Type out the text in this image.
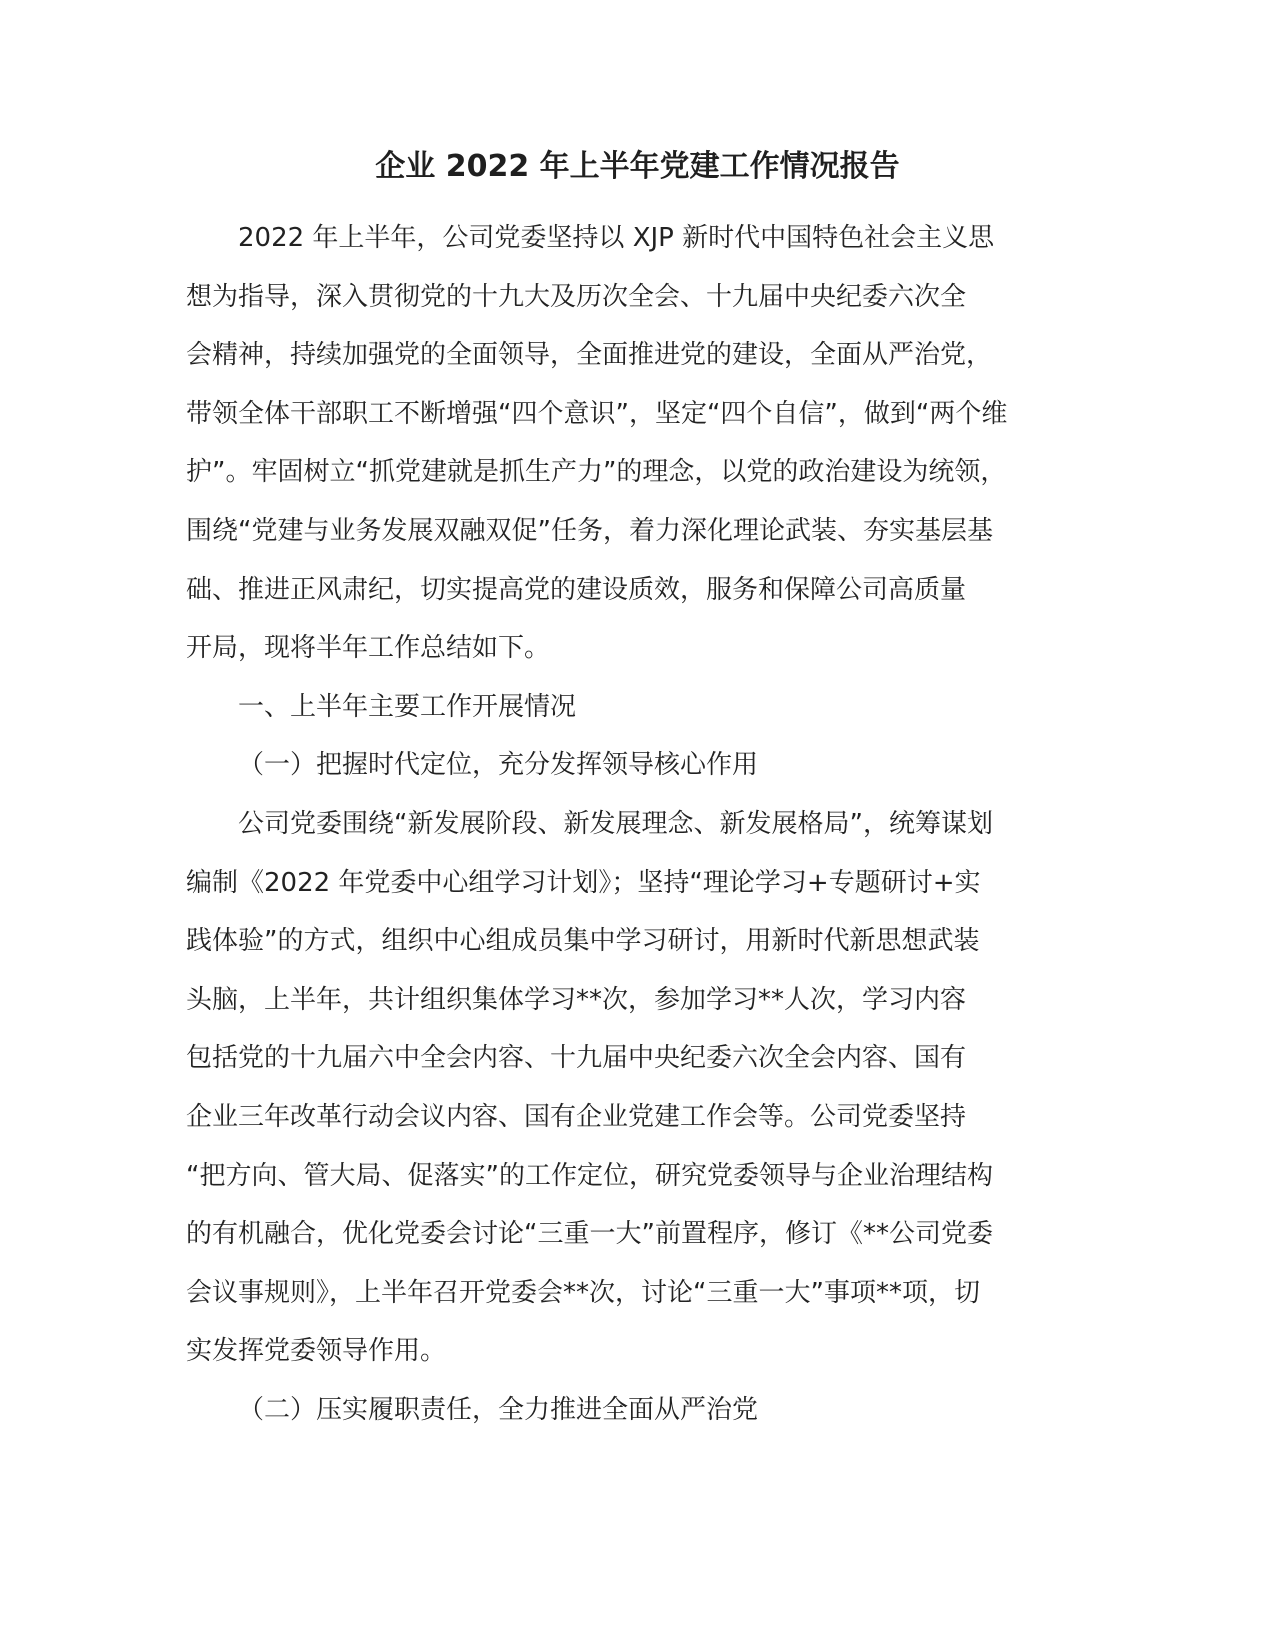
企业 2022 年上半年党建工作情况报告
2022 年上半年，公司党委坚持以 XJP 新时代中国特色社会主义思
想为指导，深入贯彻党的十九大及历次全会、十九届中央纪委六次全
会精神，持续加强党的全面领导，全面推进党的建设，全面从严治党，
带领全体干部职工不断增强“四个意识”，坚定“四个自信”，做到“两个维
护”。牢固树立“抓党建就是抓生产力”的理念，以党的政治建设为统领，
围绕“党建与业务发展双融双促”任务，着力深化理论武装、夯实基层基
础、推进正风肃纪，切实提高党的建设质效，服务和保障公司高质量
开局，现将半年工作总结如下。
一、上半年主要工作开展情况
（一）把握时代定位，充分发挥领导核心作用
公司党委围绕“新发展阶段、新发展理念、新发展格局”，统筹谋划
编制《2022 年党委中心组学习计划》；坚持“理论学习+专题研讨+实
践体验”的方式，组织中心组成员集中学习研讨，用新时代新思想武装
头脑，上半年，共计组织集体学习**次，参加学习**人次，学习内容
包括党的十九届六中全会内容、十九届中央纪委六次全会内容、国有
企业三年改革行动会议内容、国有企业党建工作会等。公司党委坚持
“把方向、管大局、促落实”的工作定位，研究党委领导与企业治理结构
的有机融合，优化党委会讨论“三重一大”前置程序，修订《**公司党委
会议事规则》，上半年召开党委会**次，讨论“三重一大”事项**项，切
实发挥党委领导作用。
（二）压实履职责任，全力推进全面从严治党
